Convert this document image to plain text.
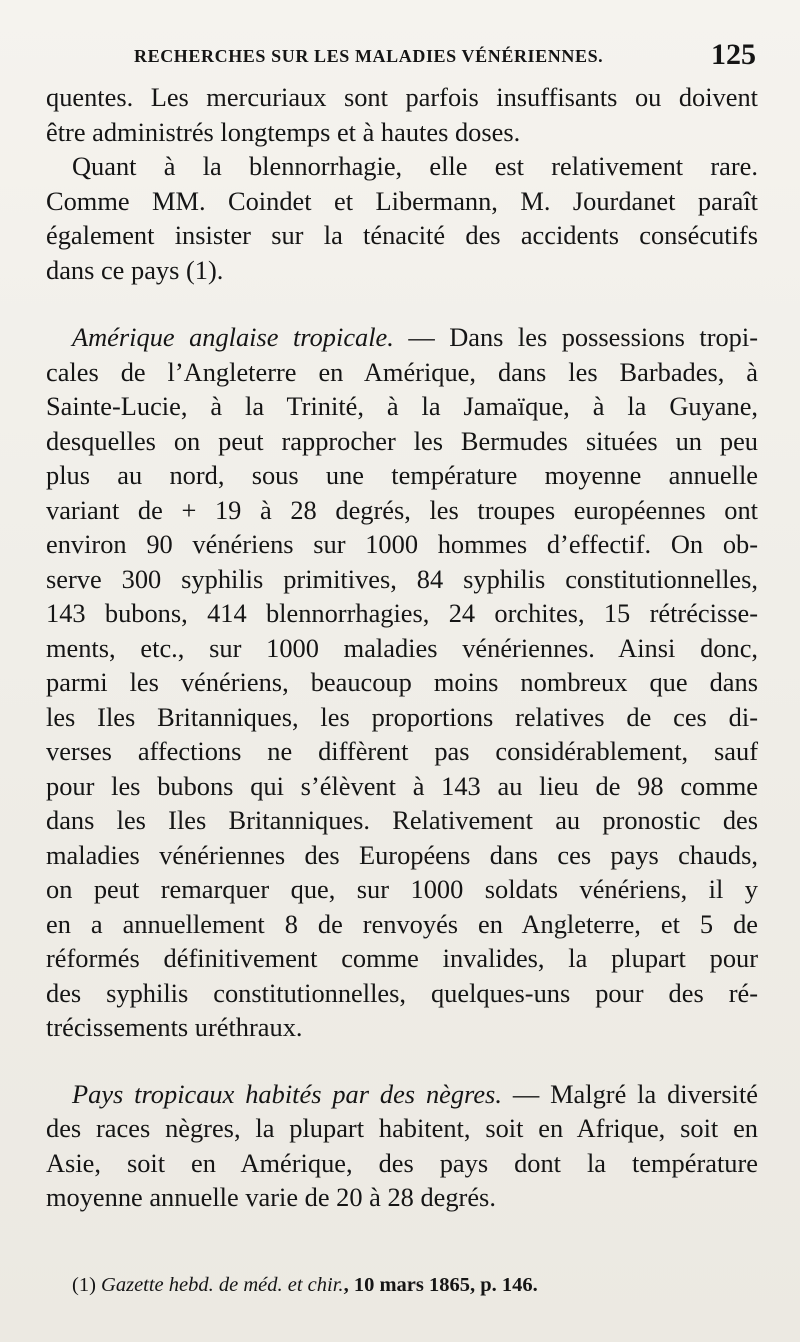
RECHERCHES SUR LES MALADIES VÉNÉRIENNES.	125
quentes. Les mercuriaux sont parfois insuffisants ou doivent
être administrés longtemps et à hautes doses.
Quant à la blennorrhagie, elle est relativement rare.
Comme MM. Coindet et Libermann, M. Jourdanet paraît
également insister sur la ténacité des accidents consécutifs
dans ce pays (1).
Amérique anglaise tropicale. — Dans les possessions tropi-
cales de l’Angleterre en Amérique, dans les Barbades, à
Sainte-Lucie, à la Trinité, à la Jamaïque, à la Guyane,
desquelles on peut rapprocher les Bermudes situées un peu
plus au nord, sous une température moyenne annuelle
variant de + 19 à 28 degrés, les troupes européennes ont
environ 90 vénériens sur 1000 hommes d’effectif. On ob-
serve 300 syphilis primitives, 84 syphilis constitutionnelles,
143 bubons, 414 blennorrhagies, 24 orchites, 15 rétrécisse-
ments, etc., sur 1000 maladies vénériennes. Ainsi donc,
parmi les vénériens, beaucoup moins nombreux que dans
les Iles Britanniques, les proportions relatives de ces di-
verses affections ne diffèrent pas considérablement, sauf
pour les bubons qui s’élèvent à 143 au lieu de 98 comme
dans les Iles Britanniques. Relativement au pronostic des
maladies vénériennes des Européens dans ces pays chauds,
on peut remarquer que, sur 1000 soldats vénériens, il y
en a annuellement 8 de renvoyés en Angleterre, et 5 de
réformés définitivement comme invalides, la plupart pour
des syphilis constitutionnelles, quelques-uns pour des ré-
trécissements uréthraux.
Pays tropicaux habités par des nègres. — Malgré la diversité
des races nègres, la plupart habitent, soit en Afrique, soit en
Asie, soit en Amérique, des pays dont la température
moyenne annuelle varie de 20 à 28 degrés.
(1) Gazette hebd. de méd. et chir., 10 mars 1865, p. 146.
